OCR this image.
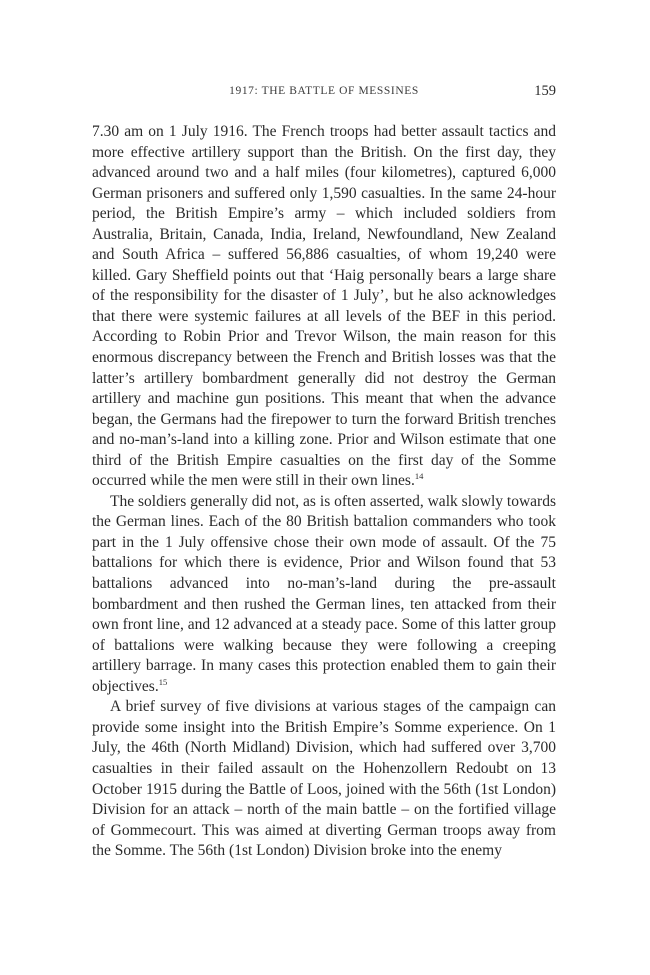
1917: THE BATTLE OF MESSINES	159

7.30 am on 1 July 1916. The French troops had better assault tactics and more effective artillery support than the British. On the first day, they advanced around two and a half miles (four kilometres), captured 6,000 German prisoners and suffered only 1,590 casualties. In the same 24-hour period, the British Empire’s army – which included soldiers from Australia, Britain, Canada, India, Ireland, Newfoundland, New Zealand and South Africa – suffered 56,886 casualties, of whom 19,240 were killed. Gary Sheffield points out that ‘Haig personally bears a large share of the responsibility for the disaster of 1 July’, but he also acknowledges that there were systemic failures at all levels of the BEF in this period. According to Robin Prior and Trevor Wilson, the main reason for this enormous discrepancy between the French and British losses was that the latter’s artillery bombardment generally did not destroy the German artillery and machine gun positions. This meant that when the advance began, the Germans had the firepower to turn the forward British trenches and no-man’s-land into a killing zone. Prior and Wilson estimate that one third of the British Empire casualties on the first day of the Somme occurred while the men were still in their own lines.$^{14}$

The soldiers generally did not, as is often asserted, walk slowly towards the German lines. Each of the 80 British battalion commanders who took part in the 1 July offensive chose their own mode of assault. Of the 75 battalions for which there is evidence, Prior and Wilson found that 53 battalions advanced into no-man’s-land during the pre-assault bombardment and then rushed the German lines, ten attacked from their own front line, and 12 advanced at a steady pace. Some of this latter group of battalions were walking because they were following a creeping artillery barrage. In many cases this protection enabled them to gain their objectives.$^{15}$

A brief survey of five divisions at various stages of the campaign can provide some insight into the British Empire’s Somme experience. On 1 July, the 46th (North Midland) Division, which had suffered over 3,700 casualties in their failed assault on the Hohenzollern Redoubt on 13 October 1915 during the Battle of Loos, joined with the 56th (1st London) Division for an attack – north of the main battle – on the fortified village of Gommecourt. This was aimed at diverting German troops away from the Somme. The 56th (1st London) Division broke into the enemy
